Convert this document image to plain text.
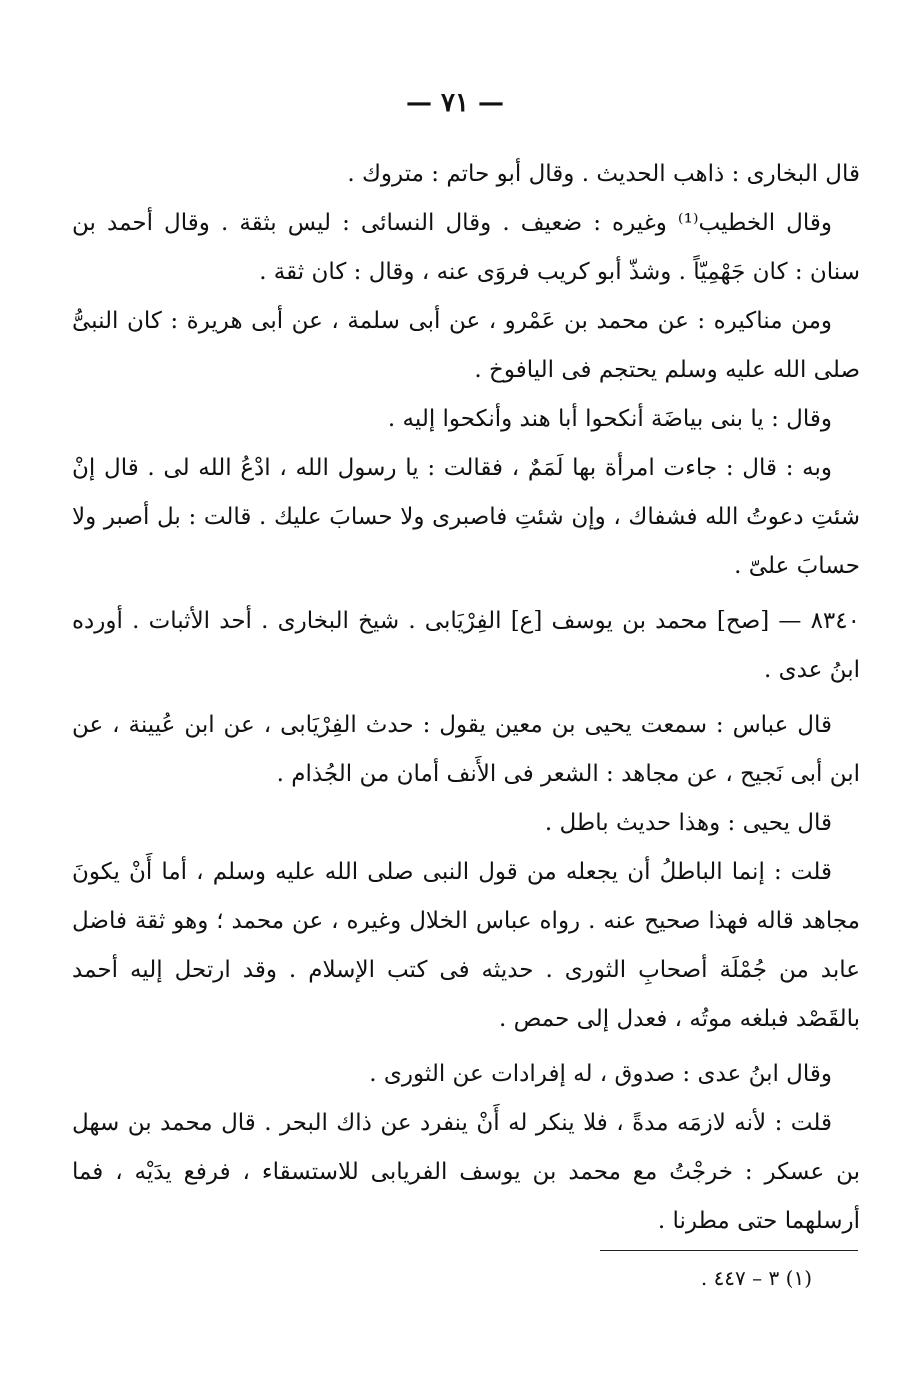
— ٧١ —

قال البخارى : ذاهب الحديث . وقال أبو حاتم : متروك .

وقال الخطيب⁽¹⁾ وغيره : ضعيف . وقال النسائى : ليس بثقة . وقال أحمد بن سنان : كان جَهْمِيّاً . وشذّ أبو كريب فروَى عنه ، وقال : كان ثقة .

ومن مناكيره : عن محمد بن عَمْرو ، عن أبى سلمة ، عن أبى هريرة : كان النبىُّ صلى الله عليه وسلم يحتجم فى اليافوخ .

وقال : يا بنى بياضَة أنكحوا أبا هند وأنكحوا إليه .

وبه : قال : جاءت امرأة بها لَمَمٌ ، فقالت : يا رسول الله ، ادْعُ الله لى . قال إنْ شئتِ دعوتُ الله فشفاك ، وإن شئتِ فاصبرى ولا حسابَ عليك . قالت : بل أصبر ولا حسابَ علىّ .

٨٣٤٠ — [صح] محمد بن يوسف [ع] الفِرْيَابى . شيخ البخارى . أحد الأثبات . أورده ابنُ عدى .

قال عباس : سمعت يحيى بن معين يقول : حدث الفِرْيَابى ، عن ابن عُيينة ، عن ابن أبى نَجيح ، عن مجاهد : الشعر فى الأَنف أمان من الجُذام .

قال يحيى : وهذا حديث باطل .

قلت : إنما الباطلُ أن يجعله من قول النبى صلى الله عليه وسلم ، أما أَنْ يكونَ مجاهد قاله فهذا صحيح عنه . رواه عباس الخلال وغيره ، عن محمد ؛ وهو ثقة فاضل عابد من جُمْلَة أصحابِ الثورى . حديثه فى كتب الإسلام . وقد ارتحل إليه أحمد بالقَصْد فبلغه موتُه ، فعدل إلى حمص .

وقال ابنُ عدى : صدوق ، له إفرادات عن الثورى .

قلت : لأنه لازمَه مدةً ، فلا ينكر له أَنْ ينفرد عن ذاك البحر . قال محمد بن سهل بن عسكر : خرجْتُ مع محمد بن يوسف الفريابى للاستسقاء ، فرفع يدَيْه ، فما أرسلهما حتى مطرنا .

(١) ٣ – ٤٤٧ .
